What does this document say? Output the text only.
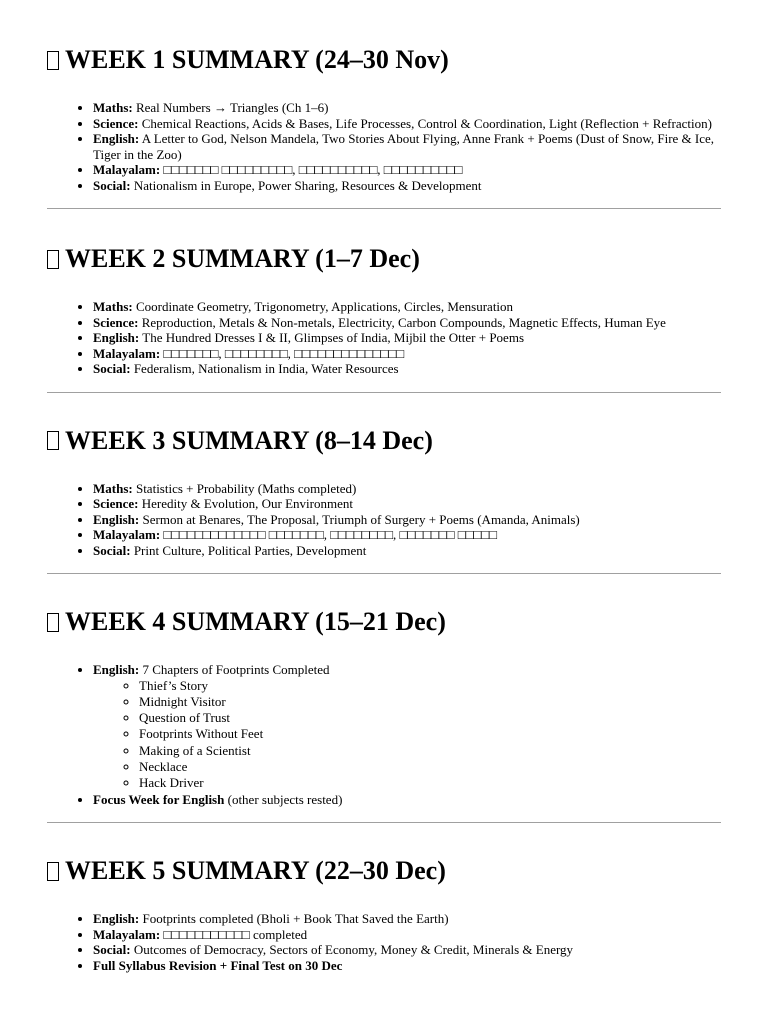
WEEK 1 SUMMARY (24–30 Nov)
• Maths: Real Numbers → Triangles (Ch 1–6)
• Science: Chemical Reactions, Acids & Bases, Life Processes, Control & Coordination, Light (Reflection + Refraction)
• English: A Letter to God, Nelson Mandela, Two Stories About Flying, Anne Frank + Poems (Dust of Snow, Fire & Ice, Tiger in the Zoo)
• Malayalam: □□□□□□□ □□□□□□□□□, □□□□□□□□□□, □□□□□□□□□□
• Social: Nationalism in Europe, Power Sharing, Resources & Development
WEEK 2 SUMMARY (1–7 Dec)
• Maths: Coordinate Geometry, Trigonometry, Applications, Circles, Mensuration
• Science: Reproduction, Metals & Non-metals, Electricity, Carbon Compounds, Magnetic Effects, Human Eye
• English: The Hundred Dresses I & II, Glimpses of India, Mijbil the Otter + Poems
• Malayalam: □□□□□□□, □□□□□□□□, □□□□□□□□□□□□□□
• Social: Federalism, Nationalism in India, Water Resources
WEEK 3 SUMMARY (8–14 Dec)
• Maths: Statistics + Probability (Maths completed)
• Science: Heredity & Evolution, Our Environment
• English: Sermon at Benares, The Proposal, Triumph of Surgery + Poems (Amanda, Animals)
• Malayalam: □□□□□□□□□□□□□ □□□□□□□, □□□□□□□□, □□□□□□□ □□□□□
• Social: Print Culture, Political Parties, Development
WEEK 4 SUMMARY (15–21 Dec)
• English: 7 Chapters of Footprints Completed
◦ Thief’s Story
◦ Midnight Visitor
◦ Question of Trust
◦ Footprints Without Feet
◦ Making of a Scientist
◦ Necklace
◦ Hack Driver
• Focus Week for English (other subjects rested)
WEEK 5 SUMMARY (22–30 Dec)
• English: Footprints completed (Bholi + Book That Saved the Earth)
• Malayalam: □□□□□□□□□□□ completed
• Social: Outcomes of Democracy, Sectors of Economy, Money & Credit, Minerals & Energy
• Full Syllabus Revision + Final Test on 30 Dec
